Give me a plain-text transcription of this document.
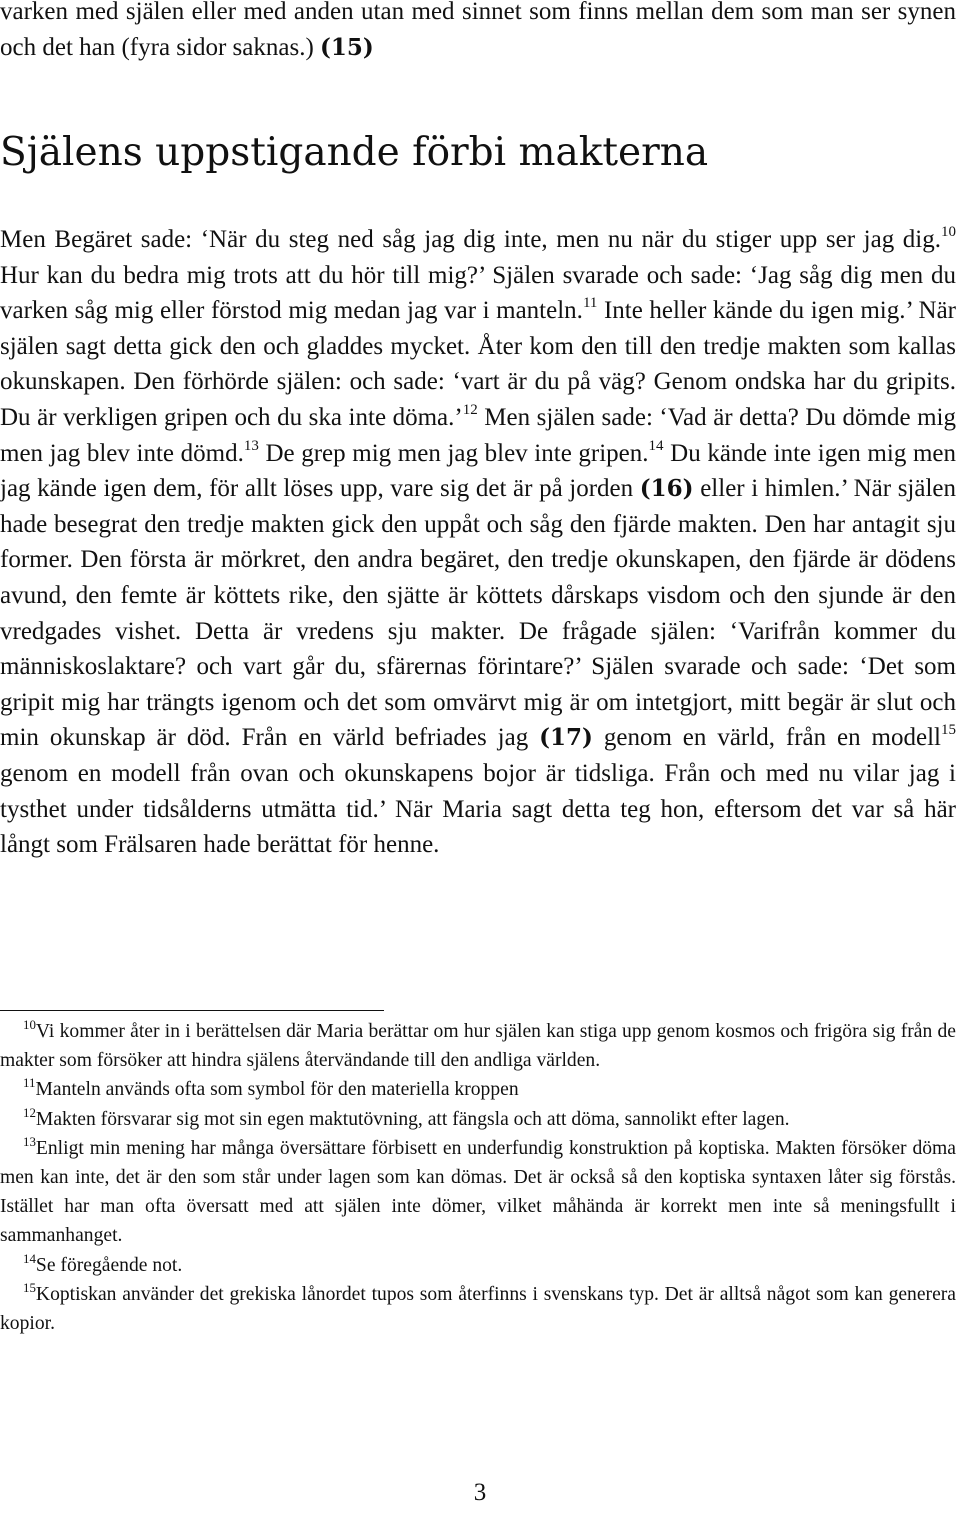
varken med själen eller med anden utan med sinnet som finns mellan dem som man ser synen och det han (fyra sidor saknas.) (15)

Själens uppstigande förbi makterna

Men Begäret sade: ‘När du steg ned såg jag dig inte, men nu när du stiger upp ser jag dig.$^{10}$ Hur kan du bedra mig trots att du hör till mig?’ Själen svarade och sade: ‘Jag såg dig men du varken såg mig eller förstod mig medan jag var i manteln.$^{11}$ Inte heller kände du igen mig.’ När själen sagt detta gick den och gladdes mycket. Åter kom den till den tredje makten som kallas okunskapen. Den förhörde själen: och sade: ‘vart är du på väg? Genom ondska har du gripits. Du är verkligen gripen och du ska inte döma.’$^{12}$ Men själen sade: ‘Vad är detta? Du dömde mig men jag blev inte dömd.$^{13}$ De grep mig men jag blev inte gripen.$^{14}$ Du kände inte igen mig men jag kände igen dem, för allt löses upp, vare sig det är på jorden (16) eller i himlen.’ När själen hade besegrat den tredje makten gick den uppåt och såg den fjärde makten. Den har antagit sju former. Den första är mörkret, den andra begäret, den tredje okunskapen, den fjärde är dödens avund, den femte är köttets rike, den sjätte är köttets dårskaps visdom och den sjunde är den vredgades vishet. Detta är vredens sju makter. De frågade själen: ‘Varifrån kommer du människoslaktare? och vart går du, sfärernas förintare?’ Själen svarade och sade: ‘Det som gripit mig har trängts igenom och det som omvärvt mig är om intetgjort, mitt begär är slut och min okunskap är död. Från en värld befriades jag (17) genom en värld, från en modell$^{15}$ genom en modell från ovan och okunskapens bojor är tidsliga. Från och med nu vilar jag i tysthet under tidsålderns utmätta tid.’ När Maria sagt detta teg hon, eftersom det var så här långt som Frälsaren hade berättat för henne.

$^{10}$Vi kommer åter in i berättelsen där Maria berättar om hur själen kan stiga upp genom kosmos och frigöra sig från de makter som försöker att hindra själens återvändande till den andliga världen.

$^{11}$Manteln används ofta som symbol för den materiella kroppen

$^{12}$Makten försvarar sig mot sin egen maktutövning, att fängsla och att döma, sannolikt efter lagen.

$^{13}$Enligt min mening har många översättare förbisett en underfundig konstruktion på koptiska. Makten försöker döma men kan inte, det är den som står under lagen som kan dömas. Det är också så den koptiska syntaxen låter sig förstås. Istället har man ofta översatt med att själen inte dömer, vilket måhända är korrekt men inte så meningsfullt i sammanhanget.

$^{14}$Se föregående not.

$^{15}$Koptiskan använder det grekiska lånordet tupos som återfinns i svenskans typ. Det är alltså något som kan generera kopior.

3
